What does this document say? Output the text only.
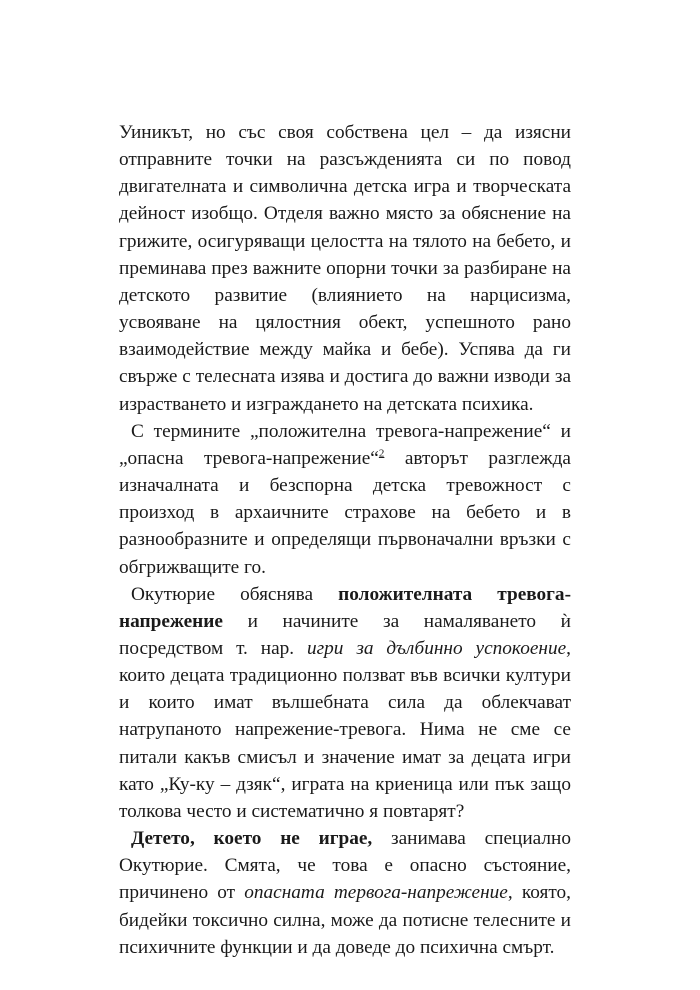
Уиникът, но със своя собствена цел – да изясни отправните точки на разсъжденията си по повод двигателната и символична детска игра и творческата дейност изобщо. Отделя важно място за обяснение на грижите, осигуряващи целостта на тялото на бебето, и преминава през важните опорни точки за разбиране на детското развитие (влиянието на нарцисизма, усвояване на цялостния обект, успешното рано взаимодействие между майка и бебе). Успява да ги свърже с телесната изява и достига до важни изводи за израстването и изграждането на детската психика.

С термините „положителна тревога-напрежение“ и „опасна тревога-напрежение“$^2$ авторът разглежда изначалната и безспорна детска тревожност с произход в архаичните страхове на бебето и в разнообразните и определящи първоначални връзки с обгрижващите го.

Окутюрие обяснява положителната тревога-напрежение и начините за намаляването ѝ посредством т. нар. игри за дълбинно успокоение, които децата традиционно ползват във всички култури и които имат вълшебната сила да облекчават натрупаното напрежение-тревога. Нима не сме се питали какъв смисъл и значение имат за децата игри като „Ку-ку – дзяк“, играта на криеница или пък защо толкова често и систематично я повтарят?

Детето, което не играе, занимава специално Окутюрие. Смята, че това е опасно състояние, причинено от опасната тервога-напрежение, която, бидейки токсично силна, може да потисне телесните и психичните функции и да доведе до психична смърт.
